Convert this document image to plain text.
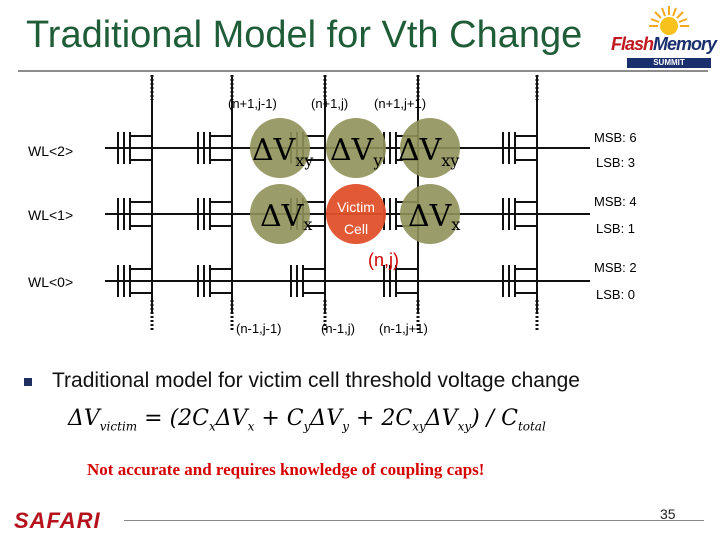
Traditional Model for Vth Change FlashMemory
SUMMIT
(n+1,j-1)	(n+1,j) (n+1,j+1)
(n-1,j-1)	(n-1,j) (n-1,j+1)
WL<2>
WL<1>
WL<0>
MSB: 6
LSB: 3
MSB: 4
LSB: 1
MSB: 2
LSB: 0
$\Delta V_{xy}$ $\Delta V_y$ $\Delta V_{xy}$
ΔVx
Victim
Cell ΔVx
(n,j)
Traditional model for victim cell threshold voltage change
$\Delta V_{victim} = (2C_x\Delta V_x + C_y\Delta V_y + 2C_{xy}\Delta V_{xy}) / C_{total}$
Not accurate and requires knowledge of coupling caps!
SAFARI	35
